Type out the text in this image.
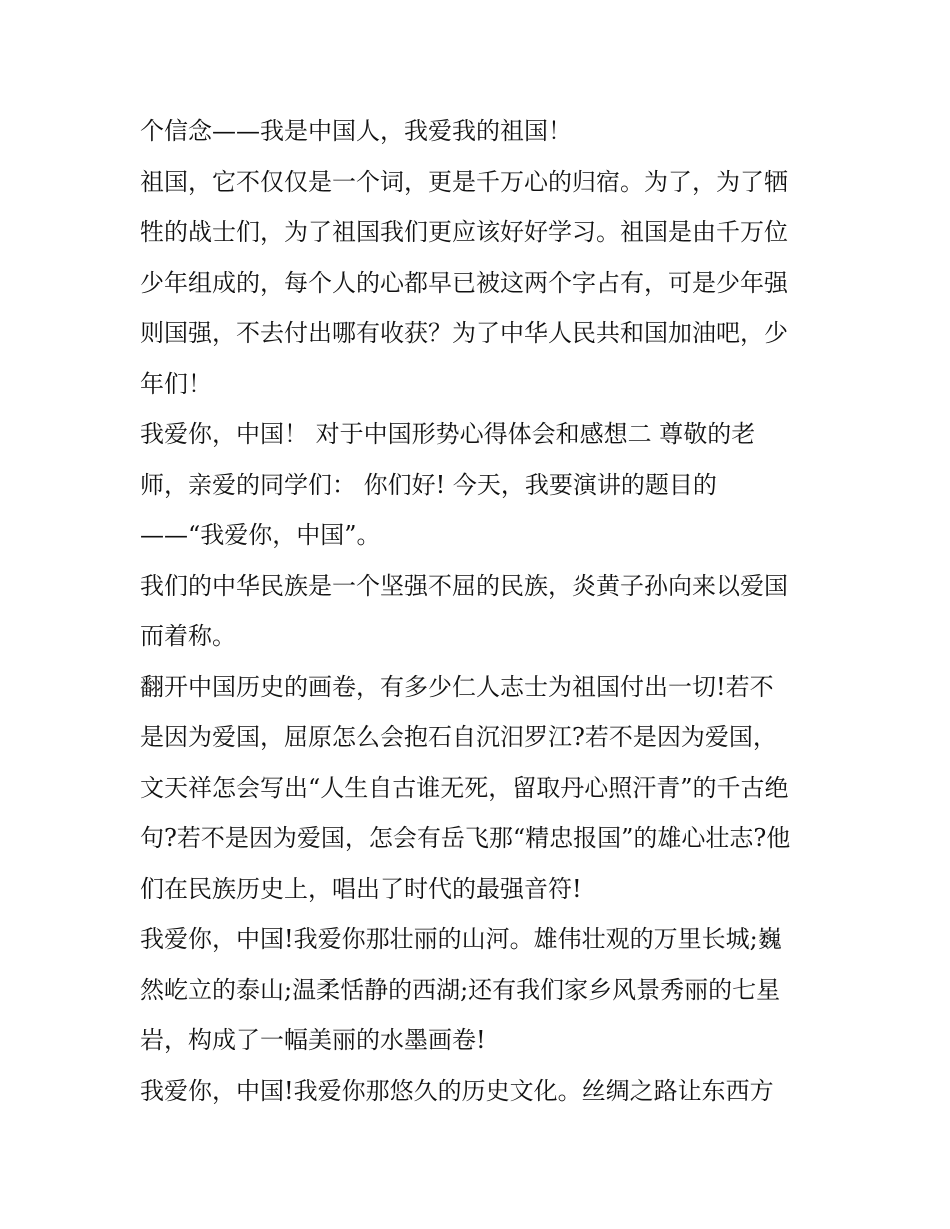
个信念——我是中国人，我爱我的祖国！
祖国，它不仅仅是一个词，更是千万心的归宿。为了，为了牺
牲的战士们，为了祖国我们更应该好好学习。祖国是由千万位
少年组成的，每个人的心都早已被这两个字占有，可是少年强
则国强，不去付出哪有收获？为了中华人民共和国加油吧，少
年们！
我爱你，中国！ 对于中国形势心得体会和感想二 尊敬的老
师，亲爱的同学们： 你们好! 今天，我要演讲的题目的
——“我爱你，中国”。
我们的中华民族是一个坚强不屈的民族，炎黄子孙向来以爱国
而着称。
翻开中国历史的画卷，有多少仁人志士为祖国付出一切!若不
是因为爱国，屈原怎么会抱石自沉汨罗江?若不是因为爱国，
文天祥怎会写出“人生自古谁无死，留取丹心照汗青”的千古绝
句?若不是因为爱国，怎会有岳飞那“精忠报国”的雄心壮志?他
们在民族历史上，唱出了时代的最强音符!
我爱你，中国!我爱你那壮丽的山河。雄伟壮观的万里长城;巍
然屹立的泰山;温柔恬静的西湖;还有我们家乡风景秀丽的七星
岩，构成了一幅美丽的水墨画卷!
我爱你，中国!我爱你那悠久的历史文化。丝绸之路让东西方
